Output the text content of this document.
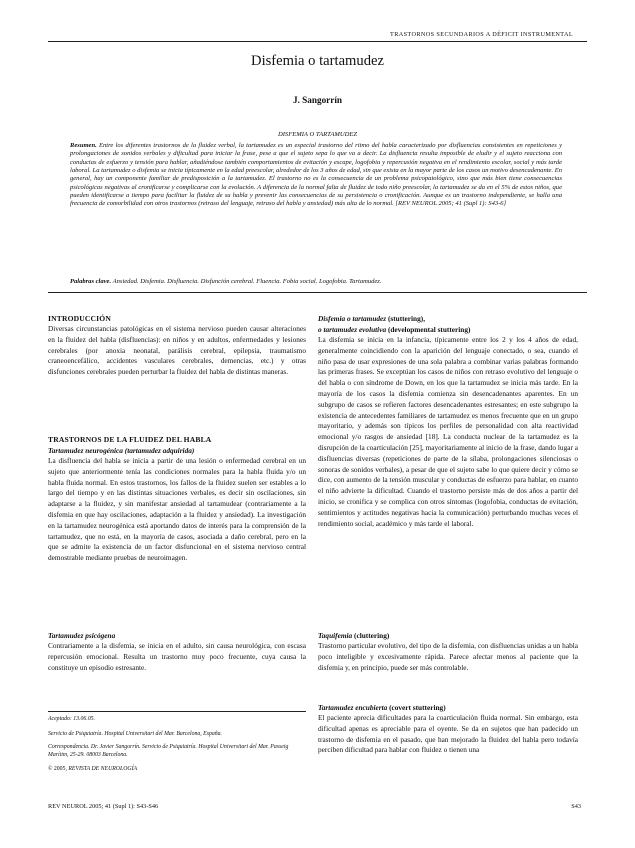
TRASTORNOS SECUNDARIOS A DÉFICIT INSTRUMENTAL
Disfemia o tartamudez
J. Sangorrín
DISFEMIA O TARTAMUDEZ
Resumen. Entre los diferentes trastornos de la fluidez verbal, la tartamudez es un especial trastorno del ritmo del habla caracterizado por disfluencias consistentes en repeticiones y prolongaciones de sonidos verbales y dificultad para iniciar la frase, pese a que el sujeto sepa lo que va a decir. La disfluencia resulta imposible de eludir y el sujeto reacciona con conductas de esfuerzo y tensión para hablar, añadiéndose también comportamientos de evitación y escape, logofobia y repercusión negativa en el rendimiento escolar, social y más tarde laboral. La tartamudez o disfemia se inicia típicamente en la edad preescolar, alrededor de los 3 años de edad, sin que exista en la mayor parte de los casos un motivo desencadenante. En general, hay un componente familiar de predisposición a la tartamudez. El trastorno no es la consecuencia de un problema psicopatológico, sino que más bien tiene consecuencias psicológicas negativas al cronificarse y complicarse con la evolución. A diferencia de la normal falta de fluidez de todo niño preescolar, la tartamudez se da en el 5% de estos niños, que pueden identificarse a tiempo para facilitar la fluidez de su habla y prevenir las consecuencias de su persistencia o cronificación. Aunque es un trastorno independiente, se halla una frecuencia de comorbilidad con otros trastornos (retraso del lenguaje, retraso del habla y ansiedad) más alta de lo normal. [REV NEUROL 2005; 41 (Supl 1): S43-6]
Palabras clave. Ansiedad. Disfemia. Disfluencia. Disfunción cerebral. Fluencia. Fobia social. Logofobia. Tartamudez.
INTRODUCCIÓN

Diversas circunstancias patológicas en el sistema nervioso pueden causar alteraciones en la fluidez del habla (disfluencias): en niños y en adultos, enfermedades y lesiones cerebrales (por anoxia neonatal, parálisis cerebral, epilepsia, traumatismo craneoencefálico, accidentes vasculares cerebrales, demencias, etc.) y otras disfunciones cerebrales pueden perturbar la fluidez del habla de distintas maneras.

TRASTORNOS DE LA FLUIDEZ DEL HABLA
Tartamudez neurogénica (tartamudez adquirida)

La disfluencia del habla se inicia a partir de una lesión o enfermedad cerebral en un sujeto que anteriormente tenía las condiciones normales para la habla fluida y/o un habla fluida normal. En estos trastornos, los fallos de la fluidez suelen ser estables a lo largo del tiempo y en las distintas situaciones verbales, es decir sin oscilaciones, sin adaptarse a la fluidez, y sin manifestar ansiedad al tartamudear (contrariamente a la disfemia en que hay oscilaciones, adaptación a la fluidez y ansiedad). La investigación en la tartamudez neurogénica está aportando datos de interés para la comprensión de la tartamudez, que no está, en la mayoría de casos, asociada a daño cerebral, pero en la que se admite la existencia de un factor disfuncional en el sistema nervioso central demostrable mediante pruebas de neuroimagen.

Tartamudez psicógena

Contrariamente a la disfemia, se inicia en el adulto, sin causa neurológica, con escasa repercusión emocional. Resulta un trastorno muy poco frecuente, cuya causa la constituye un episodio estresante.

Aceptado: 13.06.05.
Servicio de Psiquiatría. Hospital Universitari del Mar. Barcelona, España.
Correspondencia. Dr. Javier Sangorrín. Servicio de Psiquiatría. Hospital Universitari del Mar. Passeig Marítim, 25-29. 08003 Barcelona.
© 2005, REVISTA DE NEUROLOGÍA
Disfemia o tartamudez (stuttering),
o tartamudez evolutiva (developmental stuttering)

La disfemia se inicia en la infancia, típicamente entre los 2 y los 4 años de edad, generalmente coincidiendo con la aparición del lenguaje conectado, o sea, cuando el niño pasa de usar expresiones de una sola palabra a combinar varias palabras formando las primeras frases. Se exceptúan los casos de niños con retraso evolutivo del lenguaje o del habla o con síndrome de Down, en los que la tartamudez se inicia más tarde. En la mayoría de los casos la disfemia comienza sin desencadenantes aparentes. En un subgrupo de casos se refieren factores desencadenantes estresantes; en este subgrupo la existencia de antecedentes familiares de tartamudez es menos frecuente que en un grupo mayoritario, y además son típicos los perfiles de personalidad con alta reactividad emocional y/o rasgos de ansiedad [18]. La conducta nuclear de la tartamudez es la disrupción de la coarticulación [25], mayoritariamente al inicio de la frase, dando lugar a disfluencias diversas (repeticiones de parte de la sílaba, prolongaciones silenciosas o sonoras de sonidos verbales), a pesar de que el sujeto sabe lo que quiere decir y cómo se dice, con aumento de la tensión muscular y conductas de esfuerzo para hablar, en cuanto el niño advierte la dificultad. Cuando el trastorno persiste más de dos años a partir del inicio, se cronifica y se complica con otros síntomas (logofobia, conductas de evitación, sentimientos y actitudes negativas hacia la comunicación) perturbando muchas veces el rendimiento social, académico y más tarde el laboral.

Taquifemia (cluttering)

Trastorno particular evolutivo, del tipo de la disfemia, con disfluencias unidas a un habla poco inteligible y excesivamente rápida. Parece afectar menos al paciente que la disfemia y, en principio, puede ser más controlable.

Tartamudez encubierta (covert stuttering)

El paciente aprecia dificultades para la coarticulación fluida normal. Sin embargo, esta dificultad apenas es apreciable para el oyente. Se da en sujetos que han padecido un trastorno de disfemia en el pasado, que han mejorado la fluidez del habla pero todavía perciben dificultad para hablar con fluidez o tienen una

REV NEUROL 2005; 41 (Supl 1): S43-S46	S43
